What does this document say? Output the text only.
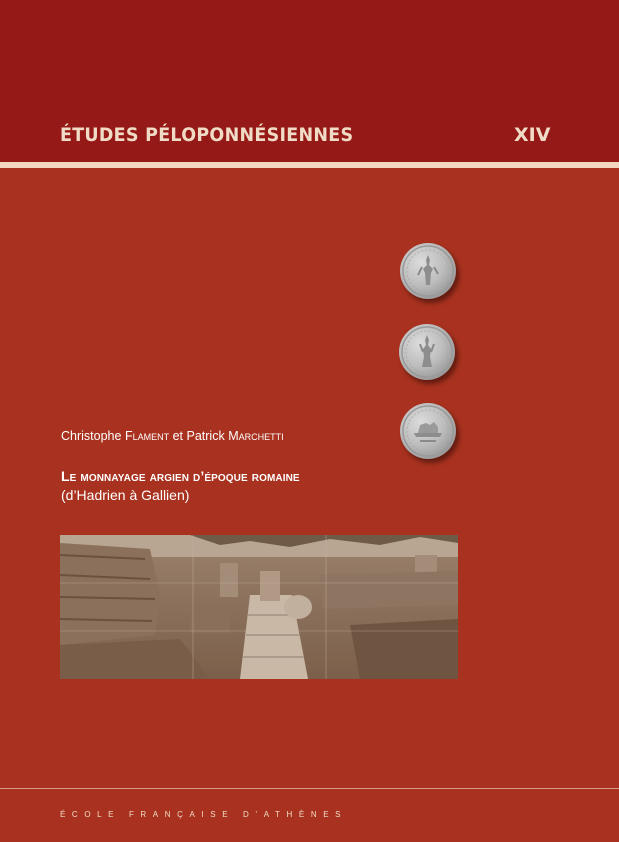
ÉTUDES PÉLOPONNÉSIENNES	XIV
Christophe Flament et Patrick Marchetti
Le monnayage argien d’époque romaine
(d’Hadrien à Gallien)
ÉCOLE FRANÇAISE D’ATHÈNES
